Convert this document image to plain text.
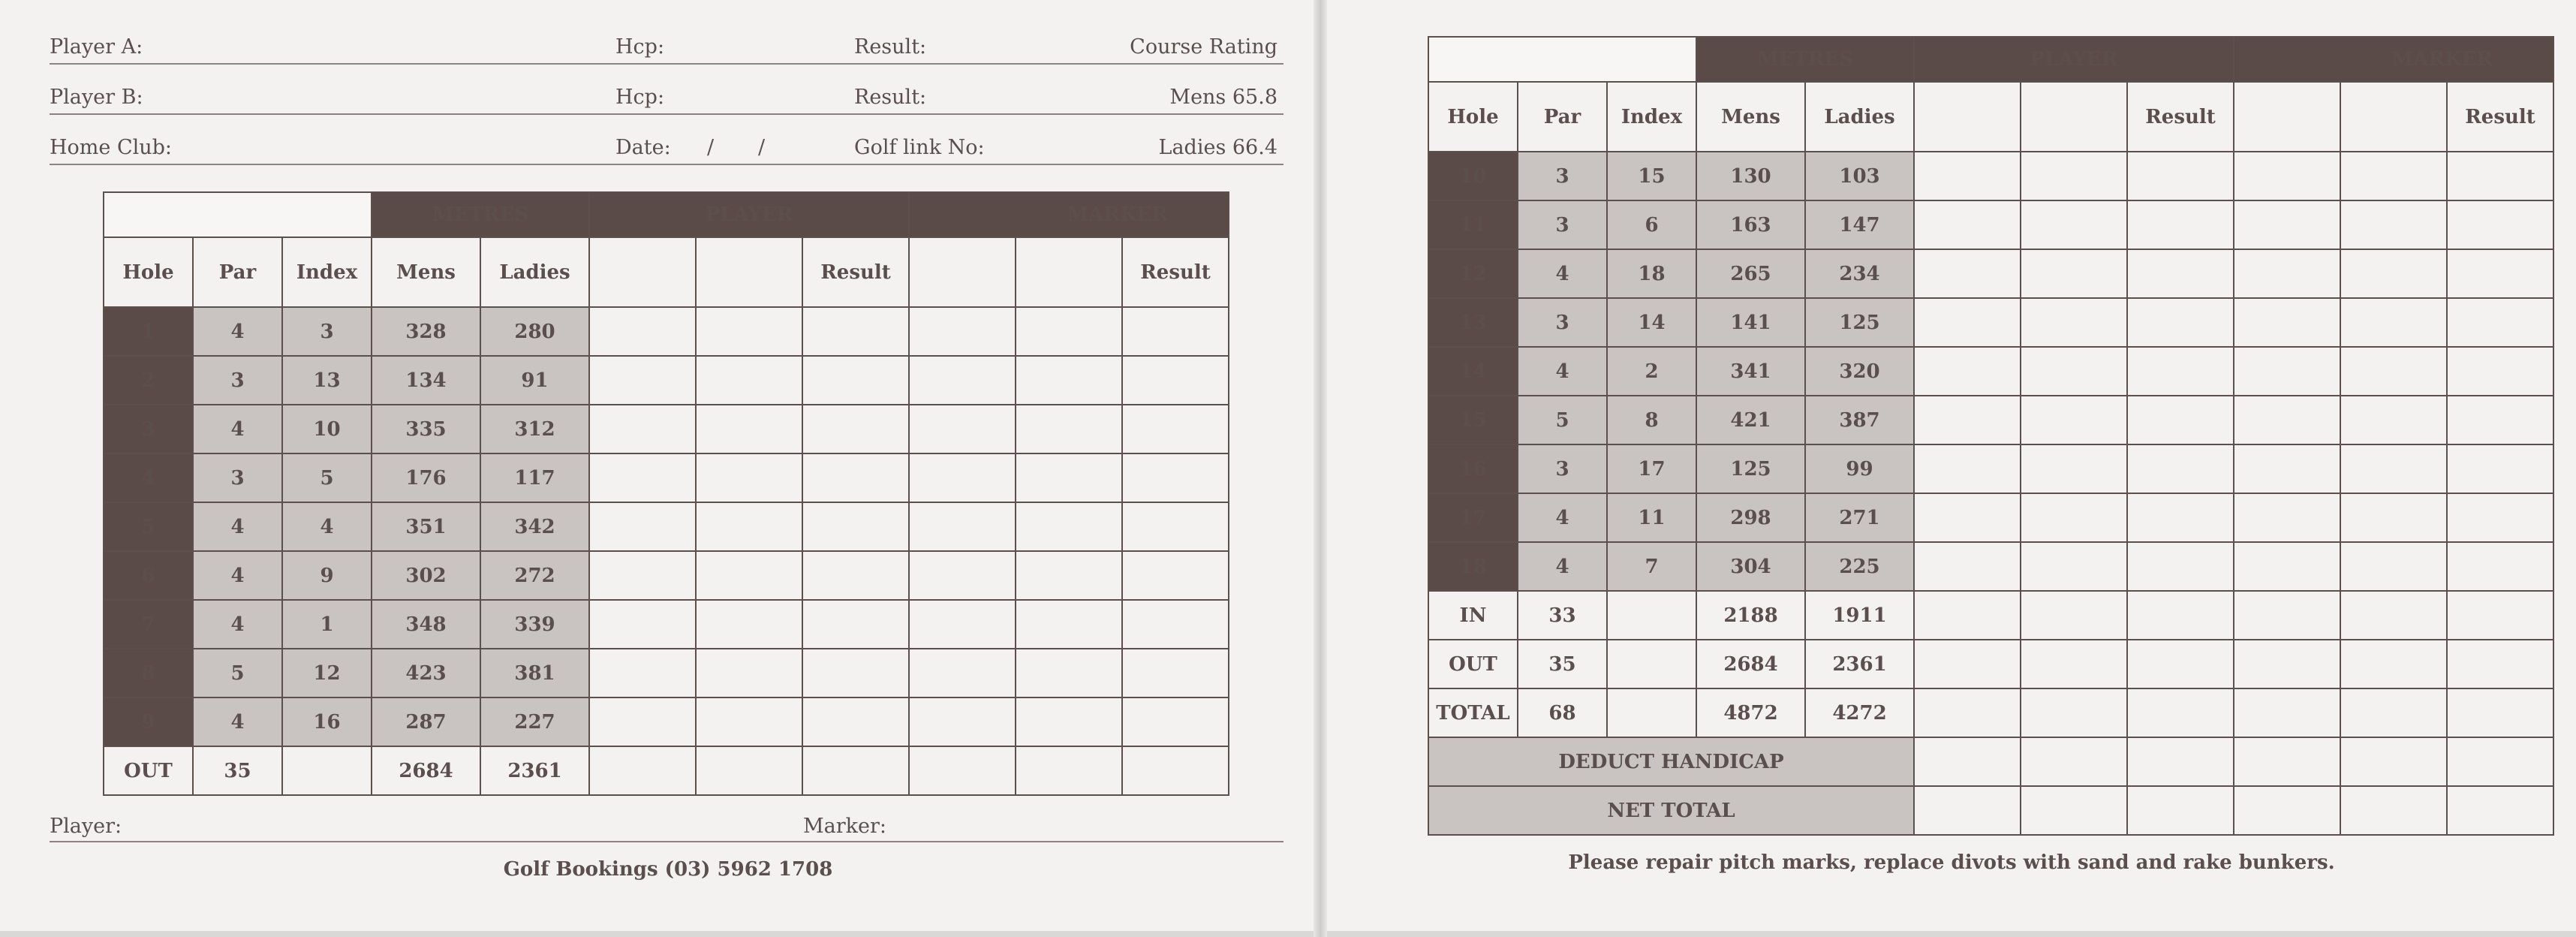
Player A:	Hcp:	Result:	Course Rating
Player B:	Hcp:	Result:	Mens 65.8
Home Club:	Date: / /	Golf link No:	Ladies 66.4
			METRES		PLAYER			MARKER		
Hole	Par	Index	Mens	Ladies			Result			Result
1	4	3	328	280						
2	3	13	134	91						
3	4	10	335	312						
4	3	5	176	117						
5	4	4	351	342						
6	4	9	302	272						
7	4	1	348	339						
8	5	12	423	381						
9	4	16	287	227						
OUT	35		2684	2361						
Player:	Marker:
Golf Bookings (03) 5962 1708
			METRES		PLAYER			MARKER		
Hole	Par	Index	Mens	Ladies			Result			Result
10	3	15	130	103						
11	3	6	163	147						
12	4	18	265	234						
13	3	14	141	125						
14	4	2	341	320						
15	5	8	421	387						
16	3	17	125	99						
17	4	11	298	271						
18	4	7	304	225						
IN	33		2188	1911						
OUT	35		2684	2361						
TOTAL	68		4872	4272						
DEDUCT HANDICAP										
NET TOTAL										
Please repair pitch marks, replace divots with sand and rake bunkers.
